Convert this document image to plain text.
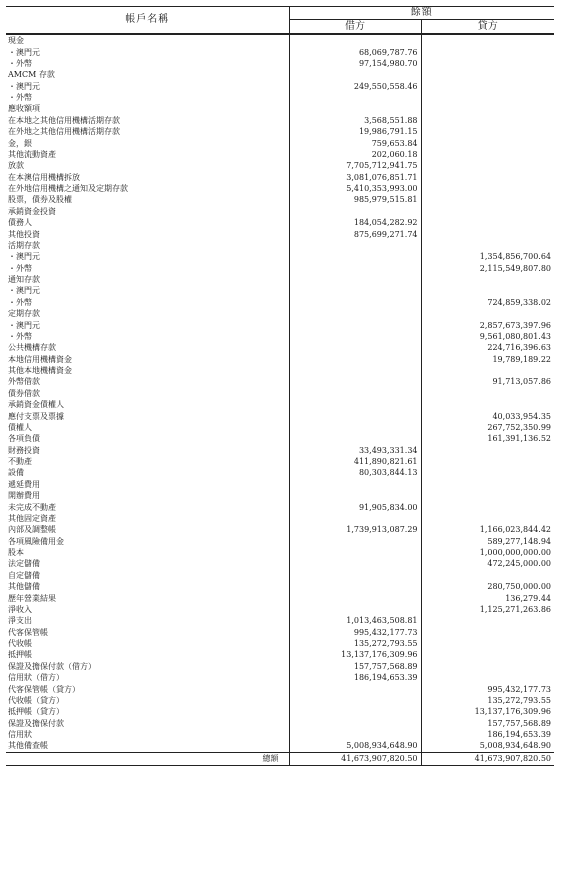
帳戶名稱	餘額	
	借方	貸方
現金		
・澳門元	68,069,787.76	
・外幣	97,154,980.70	
AMCM 存款		
・澳門元	249,550,558.46	
・外幣		
應收額項		
在本地之其他信用機構活期存款	3,568,551.88	
在外地之其他信用機構活期存款	19,986,791.15	
金，銀	759,653.84	
其他流動資產	202,060.18	
放款	7,705,712,941.75	
在本澳信用機構拆放	3,081,076,851.71	
在外地信用機構之通知及定期存款	5,410,353,993.00	
股票，債券及股權	985,979,515.81	
承銷資金投資		
債務人	184,054,282.92	
其他投資	875,699,271.74	
活期存款		
・澳門元		1,354,856,700.64
・外幣		2,115,549,807.80
通知存款		
・澳門元		
・外幣		724,859,338.02
定期存款		
・澳門元		2,857,673,397.96
・外幣		9,561,080,801.43
公共機構存款		224,716,396.63
本地信用機構資金		19,789,189.22
其他本地機構資金		
外幣借款		91,713,057.86
債券借款		
承銷資金債權人		
應付支票及票據		40,033,954.35
債權人		267,752,350.99
各項負債		161,391,136.52
財務投資	33,493,331.34	
不動產	411,890,821.61	
設備	80,303,844.13	
遞延費用		
開辦費用		
未完成不動產	91,905,834.00	
其他固定資產		
內部及調整帳	1,739,913,087.29	1,166,023,844.42
各項風險備用金		589,277,148.94
股本		1,000,000,000.00
法定儲備		472,245,000.00
自定儲備		
其他儲備		280,750,000.00
歷年營業結果		136,279.44
淨收入		1,125,271,263.86
淨支出	1,013,463,508.81	
代客保管帳	995,432,177.73	
代收帳	135,272,793.55	
抵押帳	13,137,176,309.96	
保證及擔保付款（借方）	157,757,568.89	
信用狀（借方）	186,194,653.39	
代客保管帳（貸方）		995,432,177.73
代收帳（貸方）		135,272,793.55
抵押帳（貸方）		13,137,176,309.96
保證及擔保付款		157,757,568.89
信用狀		186,194,653.39
其他備查帳	5,008,934,648.90	5,008,934,648.90
總額	41,673,907,820.50	41,673,907,820.50
